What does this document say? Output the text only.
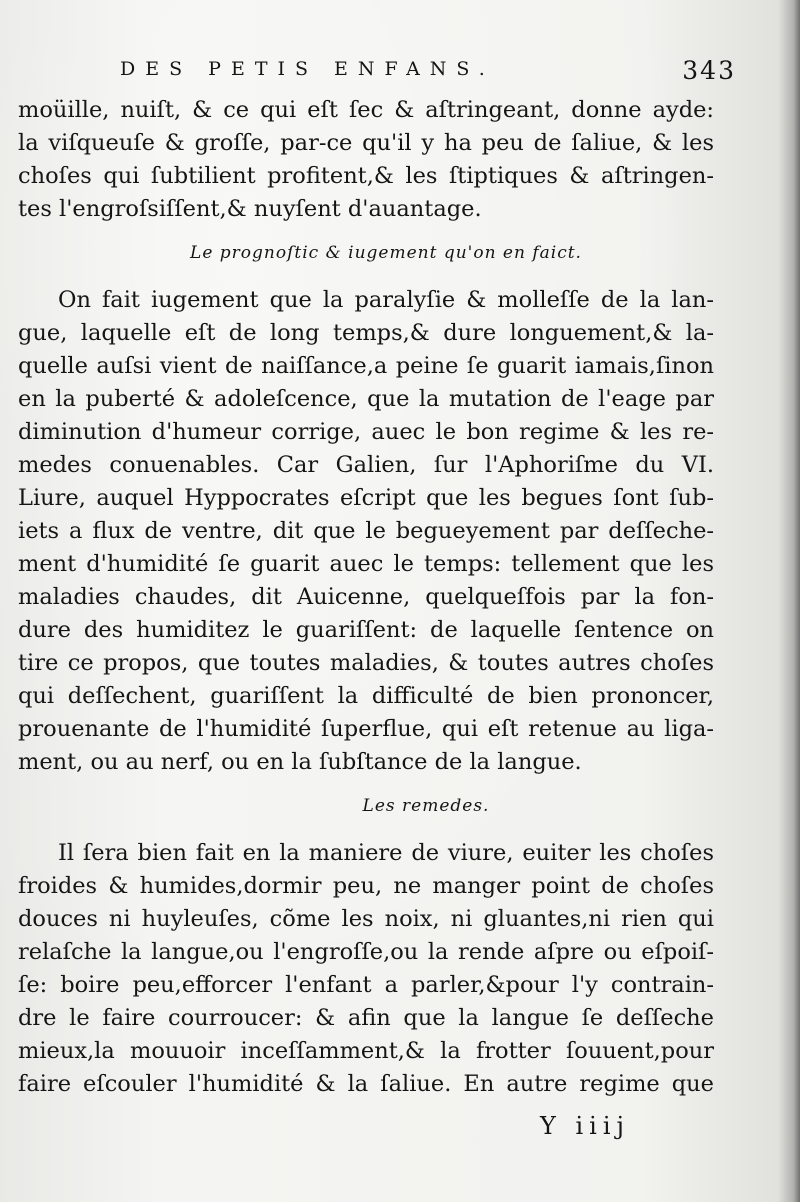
DES PETIS ENFANS.	343
moüille, nuiſt, & ce qui eſt ſec & aſtringeant, donne ayde:
la viſqueuſe & groſſe, par-ce qu'il y ha peu de ſaliue, & les
choſes qui ſubtilient profitent,& les ſtiptiques & aſtringen-
tes l'engroſsiſſent,& nuyſent d'auantage.
Le prognoſtic & iugement qu'on en faict.
On fait iugement que la paralyſie & molleſſe de la lan-
gue, laquelle eſt de long temps,& dure longuement,& la-
quelle auſsi vient de naiſſance,a peine ſe guarit iamais,ſinon
en la puberté & adoleſcence, que la mutation de l'eage par
diminution d'humeur corrige, auec le bon regime & les re-
medes conuenables. Car Galien, ſur l'Aphoriſme du VI.
Liure, auquel Hyppocrates eſcript que les begues ſont ſub-
iets a flux de ventre, dit que le begueyement par deſſeche-
ment d'humidité ſe guarit auec le temps: tellement que les
maladies chaudes, dit Auicenne, quelqueſfois par la fon-
dure des humiditez le guariſſent: de laquelle ſentence on
tire ce propos, que toutes maladies, & toutes autres choſes
qui deſſechent, guariſſent la difficulté de bien prononcer,
prouenante de l'humidité ſuperflue, qui eſt retenue au liga-
ment, ou au nerf, ou en la ſubſtance de la langue.
Les remedes.
Il ſera bien fait en la maniere de viure, euiter les choſes
froides & humides,dormir peu, ne manger point de choſes
douces ni huyleuſes, cõme les noix, ni gluantes,ni rien qui
relaſche la langue,ou l'engroſſe,ou la rende aſpre ou eſpoiſ-
ſe: boire peu,efforcer l'enfant a parler,&pour l'y contrain-
dre le faire courroucer: & afin que la langue ſe deſſeche
mieux,la mouuoir inceſſamment,& la frotter ſouuent,pour
faire eſcouler l'humidité & la ſaliue. En autre regime que
Y iiij
